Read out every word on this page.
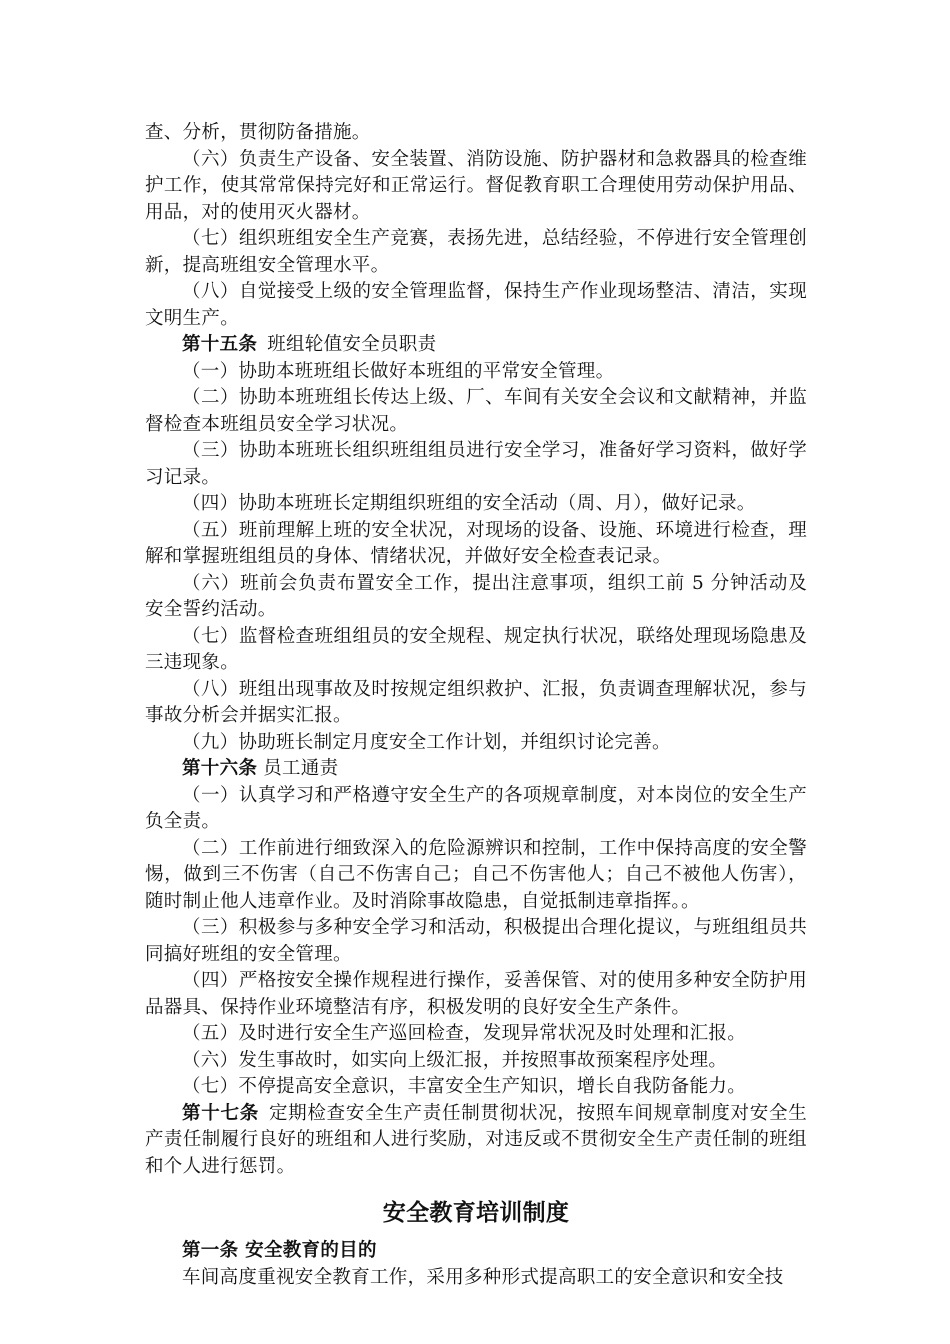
查、分析，贯彻防备措施。

（六）负责生产设备、安全装置、消防设施、防护器材和急救器具的检查维护工作，使其常常保持完好和正常运行。督促教育职工合理使用劳动保护用品、用品，对的使用灭火器材。

（七）组织班组安全生产竞赛，表扬先进，总结经验，不停进行安全管理创新，提高班组安全管理水平。

（八）自觉接受上级的安全管理监督，保持生产作业现场整洁、清洁，实现文明生产。

第十五条 班组轮值安全员职责

（一）协助本班班组长做好本班组的平常安全管理。

（二）协助本班班组长传达上级、厂、车间有关安全会议和文献精神，并监督检查本班组员安全学习状况。

（三）协助本班班长组织班组组员进行安全学习，准备好学习资料，做好学习记录。

（四）协助本班班长定期组织班组的安全活动（周、月），做好记录。

（五）班前理解上班的安全状况，对现场的设备、设施、环境进行检查，理解和掌握班组组员的身体、情绪状况，并做好安全检查表记录。

（六）班前会负责布置安全工作，提出注意事项，组织工前 5 分钟活动及安全誓约活动。

（七）监督检查班组组员的安全规程、规定执行状况，联络处理现场隐患及三违现象。

（八）班组出现事故及时按规定组织救护、汇报，负责调查理解状况，参与事故分析会并据实汇报。

（九）协助班长制定月度安全工作计划，并组织讨论完善。

第十六条 员工通责

（一）认真学习和严格遵守安全生产的各项规章制度，对本岗位的安全生产负全责。

（二）工作前进行细致深入的危险源辨识和控制，工作中保持高度的安全警惕，做到三不伤害（自己不伤害自己；自己不伤害他人；自己不被他人伤害），随时制止他人违章作业。及时消除事故隐患，自觉抵制违章指挥。。

（三）积极参与多种安全学习和活动，积极提出合理化提议，与班组组员共同搞好班组的安全管理。

（四）严格按安全操作规程进行操作，妥善保管、对的使用多种安全防护用品器具、保持作业环境整洁有序，积极发明的良好安全生产条件。

（五）及时进行安全生产巡回检查，发现异常状况及时处理和汇报。

（六）发生事故时，如实向上级汇报，并按照事故预案程序处理。

（七）不停提高安全意识，丰富安全生产知识，增长自我防备能力。

第十七条 定期检查安全生产责任制贯彻状况，按照车间规章制度对安全生产责任制履行良好的班组和人进行奖励，对违反或不贯彻安全生产责任制的班组和个人进行惩罚。

安全教育培训制度

第一条 安全教育的目的

车间高度重视安全教育工作，采用多种形式提高职工的安全意识和安全技
